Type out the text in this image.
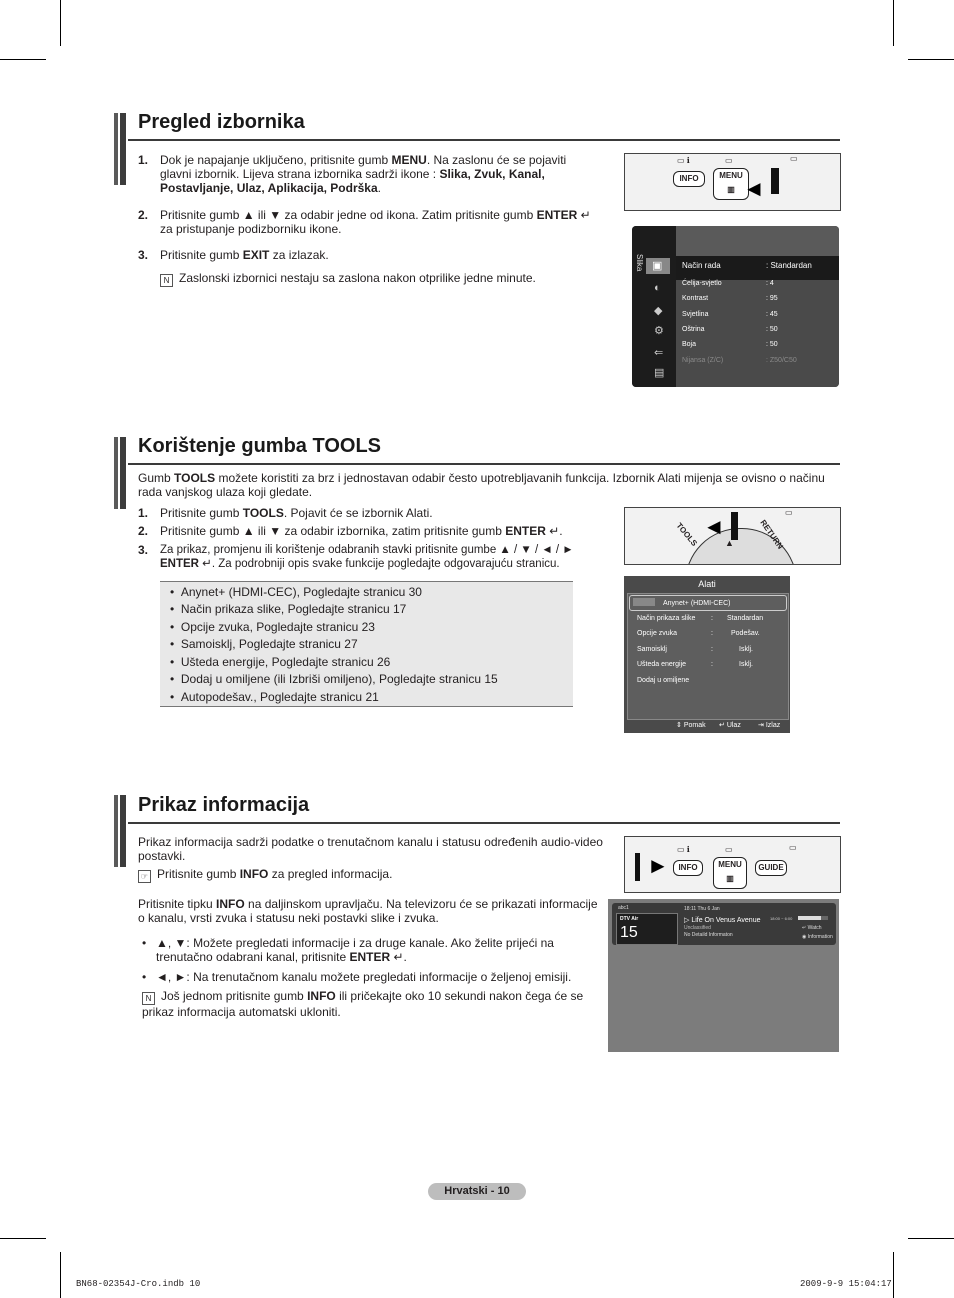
Pregled izbornika
1. Dok je napajanje uključeno, pritisnite gumb MENU. Na zaslonu će se pojaviti glavni izbornik. Lijeva strana izbornika sadrži ikone : Slika, Zvuk, Kanal, Postavljanje, Ulaz, Aplikacija, Podrška.
2. Pritisnite gumb ▲ ili ▼ za odabir jedne od ikona. Zatim pritisnite gumb ENTER ↵ za pristupanje podizborniku ikone.
3. Pritisnite gumb EXIT za izlazak.
N Zaslonski izbornici nestaju sa zaslona nakon otprilike jedne minute.
INFO	MENU
▥ ◄
▭ ℹ	▭	▭
Slika ▣
◐
◆
⚙
⇐
▤
Način rada	: Standardan
Ćelija-svjetlo	: 4
Kontrast	: 95
Svjetlina	: 45
Oštrina	: 50
Boja	: 50
Nijansa (Z/C)	: Z50/C50
Korištenje gumba TOOLS
Gumb TOOLS možete koristiti za brz i jednostavan odabir često upotrebljavanih funkcija. Izbornik Alati mijenja se ovisno o načinu rada vanjskog ulaza koji gledate.
1. Pritisnite gumb TOOLS. Pojavit će se izbornik Alati.
2. Pritisnite gumb ▲ ili ▼ za odabir izbornika, zatim pritisnite gumb ENTER ↵.
3. Za prikaz, promjenu ili korištenje odabranih stavki pritisnite gumbe ▲ / ▼ / ◄ / ► ENTER ↵. Za podrobniji opis svake funkcije pogledajte odgovarajuću stranicu.
•  Anynet+ (HDMI-CEC), Pogledajte stranicu 30
•  Način prikaza slike, Pogledajte stranicu 17
•  Opcije zvuka, Pogledajte stranicu 23
•  Samoisklj, Pogledajte stranicu 27
•  Ušteda energije, Pogledajte stranicu 26
•  Dodaj u omiljene (ili Izbriši omiljeno), Pogledajte stranicu 15
•  Autopodešav., Pogledajte stranicu 21
TOOLS	RETURN
◄
▲
▭
Alati
Anynet+ (HDMI-CEC)
Način prikaza slike : Standardan
Opcije zvuka	:	Podešav.
Samoisklj	:	Isklj.
Ušteda energije	:	Isklj.
Dodaj u omiljene
⇕ Pomak ↵ Ulaz ⇥ Izlaz
Prikaz informacija
Prikaz informacija sadrži podatke o trenutačnom kanalu i statusu određenih audio-video postavki.
☞ Pritisnite gumb INFO za pregled informacija.
Pritisnite tipku INFO na daljinskom upravljaču. Na televizoru će se prikazati informacije o kanalu, vrsti zvuka i statusu neki postavki slike i zvuka.
• ▲, ▼: Možete pregledati informacije i za druge kanale. Ako želite prijeći na trenutačno odabrani kanal, pritisnite ENTER ↵.
• ◄, ►: Na trenutačnom kanalu možete pregledati informacije o željenoj emisiji.
N Još jednom pritisnite gumb INFO ili pričekajte oko 10 sekundi nakon čega će se prikaz informacija automatski ukloniti.
►	INFO	MENU
▥
GUIDE
▭ ℹ	▭	▭
abc1
DTV Air
15
18:11 Thu 6 Jan
▷ Life On Venus Avenue
Unclassified
No Detaild Informaton
18:00 ~ 6:00
↵ Watch
◉ Information
Hrvatski - 10
BN68-02354J-Cro.indb 10	2009-9-9 15:04:17
